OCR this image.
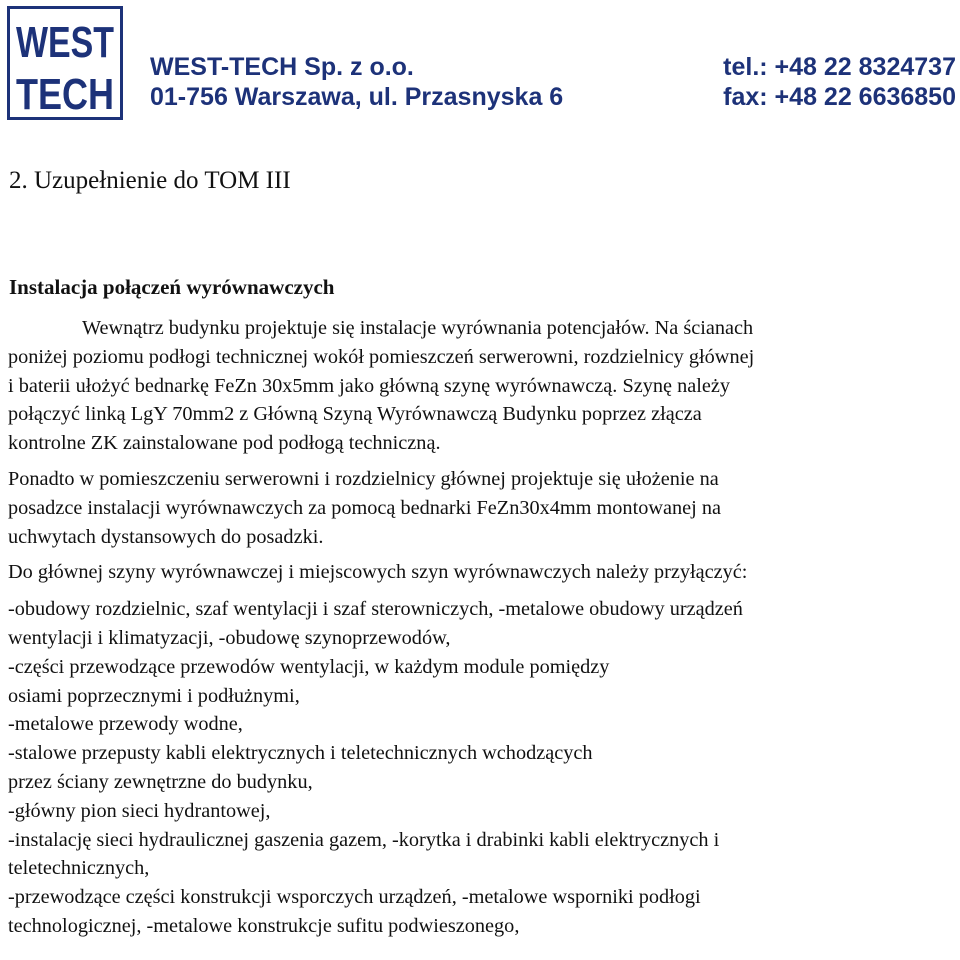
WEST
TECH
WEST-TECH Sp. z o.o.
01-756 Warszawa, ul. Przasnyska 6
tel.: +48 22 8324737
fax: +48 22 6636850
2. Uzupełnienie do TOM III
Instalacja połączeń wyrównawczych
Wewnątrz budynku projektuje się instalacje wyrównania potencjałów. Na ścianach
poniżej poziomu podłogi technicznej wokół pomieszczeń serwerowni, rozdzielnicy głównej
i baterii ułożyć bednarkę FeZn 30x5mm jako główną szynę wyrównawczą. Szynę należy
połączyć linką LgY 70mm2 z Główną Szyną Wyrównawczą Budynku poprzez złącza
kontrolne ZK zainstalowane pod podłogą techniczną.
Ponadto w pomieszczeniu serwerowni i rozdzielnicy głównej projektuje się ułożenie na
posadzce instalacji wyrównawczych za pomocą bednarki FeZn30x4mm montowanej na
uchwytach dystansowych do posadzki.
Do głównej szyny wyrównawczej i miejscowych szyn wyrównawczych należy przyłączyć:
-obudowy rozdzielnic, szaf wentylacji i szaf sterowniczych, -metalowe obudowy urządzeń
wentylacji i klimatyzacji, -obudowę szynoprzewodów,
-części przewodzące przewodów wentylacji, w każdym module pomiędzy
osiami poprzecznymi i podłużnymi,
-metalowe przewody wodne,
-stalowe przepusty kabli elektrycznych i teletechnicznych wchodzących
przez ściany zewnętrzne do budynku,
-główny pion sieci hydrantowej,
-instalację sieci hydraulicznej gaszenia gazem, -korytka i drabinki kabli elektrycznych i
teletechnicznych,
-przewodzące części konstrukcji wsporczych urządzeń, -metalowe wsporniki podłogi
technologicznej, -metalowe konstrukcje sufitu podwieszonego,
